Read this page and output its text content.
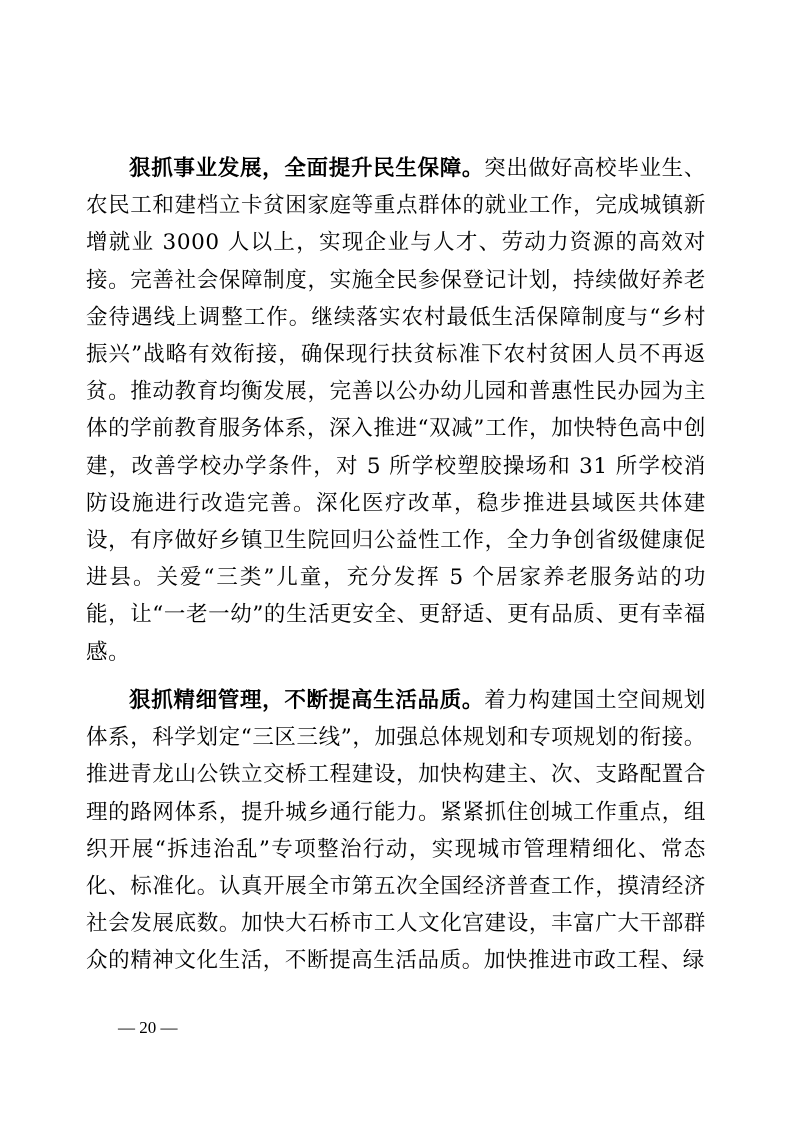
狠抓事业发展，全面提升民生保障。突出做好高校毕业生、农民工和建档立卡贫困家庭等重点群体的就业工作，完成城镇新增就业 3000 人以上，实现企业与人才、劳动力资源的高效对接。完善社会保障制度，实施全民参保登记计划，持续做好养老金待遇线上调整工作。继续落实农村最低生活保障制度与“乡村振兴”战略有效衔接，确保现行扶贫标准下农村贫困人员不再返贫。推动教育均衡发展，完善以公办幼儿园和普惠性民办园为主体的学前教育服务体系，深入推进“双减”工作，加快特色高中创建，改善学校办学条件，对 5 所学校塑胶操场和 31 所学校消防设施进行改造完善。深化医疗改革，稳步推进县域医共体建设，有序做好乡镇卫生院回归公益性工作，全力争创省级健康促进县。关爱“三类”儿童，充分发挥 5 个居家养老服务站的功能，让“一老一幼”的生活更安全、更舒适、更有品质、更有幸福感。

狠抓精细管理，不断提高生活品质。着力构建国土空间规划体系，科学划定“三区三线”，加强总体规划和专项规划的衔接。推进青龙山公铁立交桥工程建设，加快构建主、次、支路配置合理的路网体系，提升城乡通行能力。紧紧抓住创城工作重点，组织开展“拆违治乱”专项整治行动，实现城市管理精细化、常态化、标准化。认真开展全市第五次全国经济普查工作，摸清经济社会发展底数。加快大石桥市工人文化宫建设，丰富广大干部群众的精神文化生活，不断提高生活品质。加快推进市政工程、绿

— 20 —
